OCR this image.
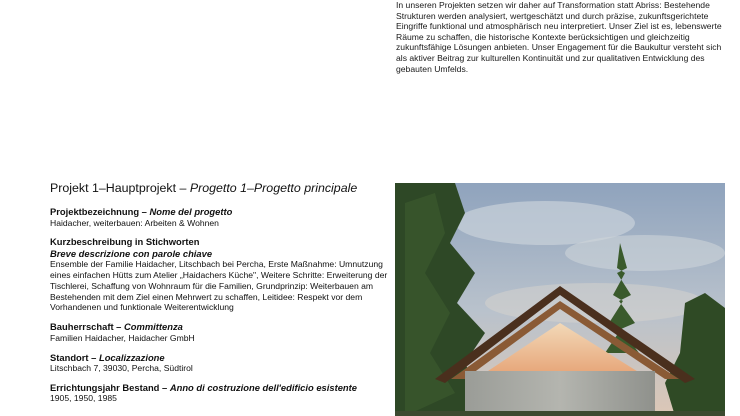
In unseren Projekten setzen wir daher auf Transformation statt Abriss: Bestehende Strukturen werden analysiert, wertgeschätzt und durch präzise, zukunftsgerichtete Eingriffe funktional und atmosphärisch neu interpretiert. Unser Ziel ist es, lebenswerte Räume zu schaffen, die historische Kontexte berücksichtigen und gleichzeitig zukunftsfähige Lösungen anbieten. Unser Engagement für die Baukultur versteht sich als aktiver Beitrag zur kulturellen Kontinuität und zur qualitativen Entwicklung des gebauten Umfelds.

Projekt 1–Hauptprojekt – Progetto 1–Progetto principale
Projektbezeichnung – Nome del progetto
Haidacher, weiterbauen: Arbeiten & Wohnen
Kurzbeschreibung in Stichworten
Breve descrizione con parole chiave
Ensemble der Familie Haidacher, Litschbach bei Percha, Erste Maßnahme: Umnutzung eines einfachen Hütts zum Atelier „Haidachers Küche", Weitere Schritte: Erweiterung der Tischlerei, Schaffung von Wohnraum für die Familien, Grundprinzip: Weiterbauen am Bestehenden mit dem Ziel einen Mehrwert zu schaffen, Leitidee: Respekt vor dem Vorhandenen und funktionale Weiterentwicklung
Bauherrschaft – Committenza
Familien Haidacher, Haidacher GmbH
Standort – Localizzazione
Litschbach 7, 39030, Percha, Südtirol
Errichtungsjahr Bestand – Anno di costruzione dell'edificio esistente
1905, 1950, 1985
